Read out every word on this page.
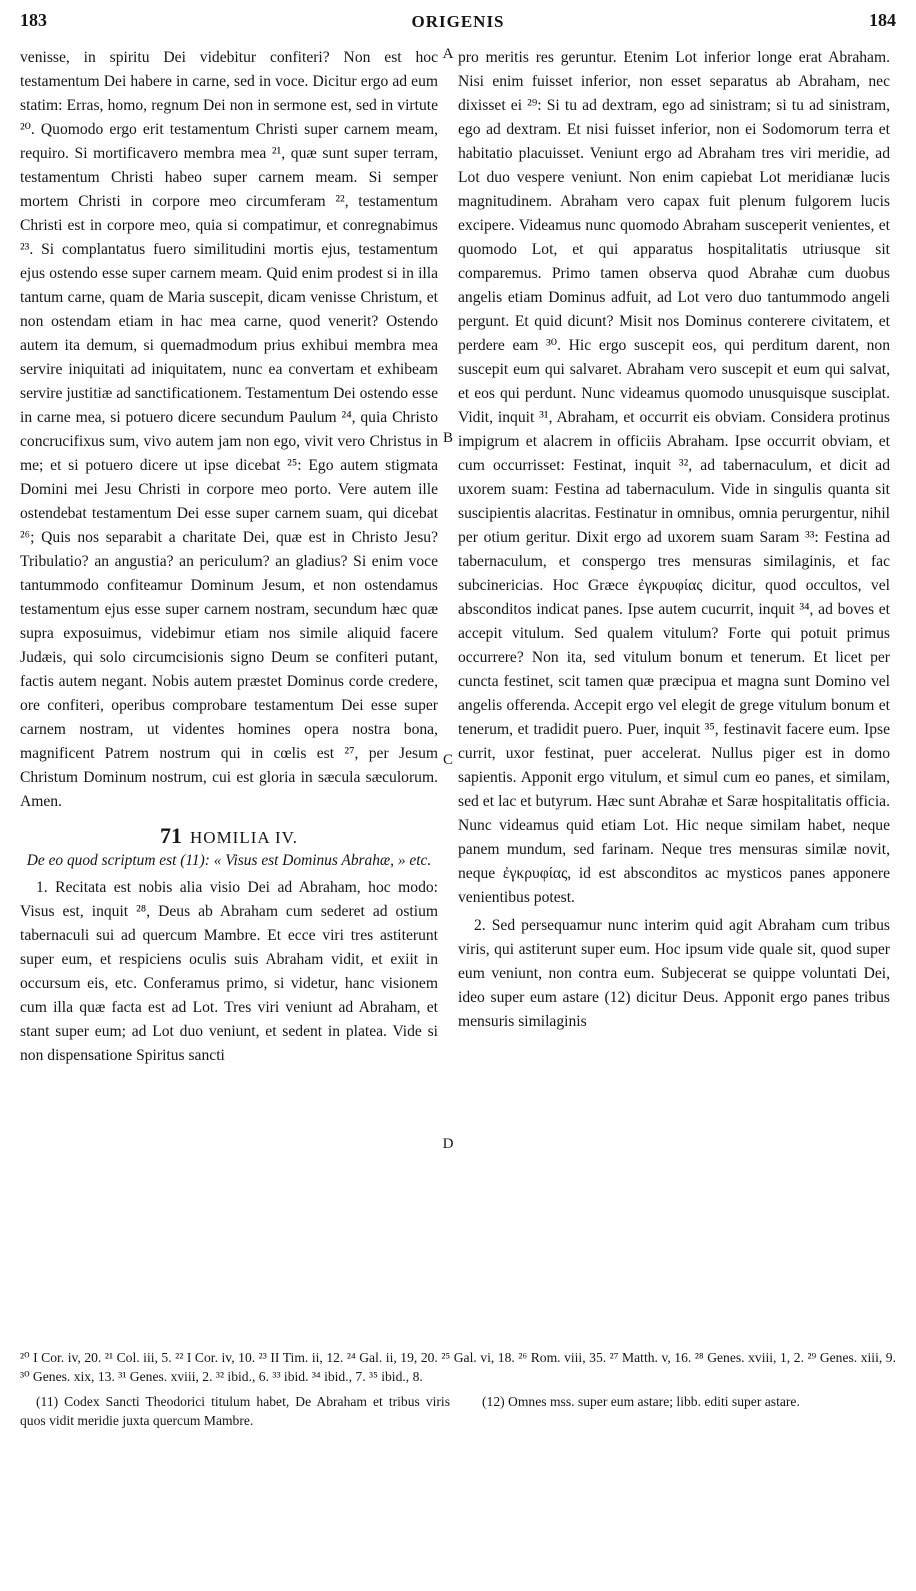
183	ORIGENIS	184

venisse, in spiritu Dei videbitur confiteri? Non est hoc testamentum Dei habere in carne, sed in voce. Dicitur ergo ad eum statim: Erras, homo, regnum Dei non in sermone est, sed in virtute ²⁰. Quomodo ergo erit testamentum Christi super carnem meam, requiro. Si mortificavero membra mea ²¹, quæ sunt super terram, testamentum Christi habeo super carnem meam. Si semper mortem Christi in corpore meo circumferam ²², testamentum Christi est in corpore meo, quia si compatimur, et conregnabimus ²³. Si complantatus fuero similitudini mortis ejus, testamentum ejus ostendo esse super carnem meam. Quid enim prodest si in illa tantum carne, quam de Maria suscepit, dicam venisse Christum, et non ostendam etiam in hac mea carne, quod venerit? Ostendo autem ita demum, si quemadmodum prius exhibui membra mea servire iniquitati ad iniquitatem, nunc ea convertam et exhibeam servire justitiæ ad sanctificationem. Testamentum Dei ostendo esse in carne mea, si potuero dicere secundum Paulum ²⁴, quia Christo concrucifixus sum, vivo autem jam non ego, vivit vero Christus in me; et si potuero dicere ut ipse dicebat ²⁵: Ego autem stigmata Domini mei Jesu Christi in corpore meo porto. Vere autem ille ostendebat testamentum Dei esse super carnem suam, qui dicebat ²⁶; Quis nos separabit a charitate Dei, quæ est in Christo Jesu? Tribulatio? an angustia? an periculum? an gladius? Si enim voce tantummodo confiteamur Dominum Jesum, et non ostendamus testamentum ejus esse super carnem nostram, secundum hæc quæ supra exposuimus, videbimur etiam nos simile aliquid facere Judæis, qui solo circumcisionis signo Deum se confiteri putant, factis autem negant. Nobis autem præstet Dominus corde credere, ore confiteri, operibus comprobare testamentum Dei esse super carnem nostram, ut videntes homines opera nostra bona, magnificent Patrem nostrum qui in cœlis est ²⁷, per Jesum Christum Dominum nostrum, cui est gloria in sæcula sæculorum. Amen.

71 HOMILIA IV.
De eo quod scriptum est (11): « Visus est Dominus Abrahæ, » etc.

1. Recitata est nobis alia visio Dei ad Abraham, hoc modo: Visus est, inquit ²⁸, Deus ab Abraham cum sederet ad ostium tabernaculi sui ad quercum Mambre. Et ecce viri tres astiterunt super eum, et respiciens oculis suis Abraham vidit, et exiit in occursum eis, etc. Conferamus primo, si videtur, hanc visionem cum illa quæ facta est ad Lot. Tres viri veniunt ad Abraham, et stant super eum; ad Lot duo veniunt, et sedent in platea. Vide si non dispensatione Spiritus sancti

A
B
C
D

pro meritis res geruntur. Etenim Lot inferior longe erat Abraham. Nisi enim fuisset inferior, non esset separatus ab Abraham, nec dixisset ei ²⁹: Si tu ad dextram, ego ad sinistram; si tu ad sinistram, ego ad dextram. Et nisi fuisset inferior, non ei Sodomorum terra et habitatio placuisset. Veniunt ergo ad Abraham tres viri meridie, ad Lot duo vespere veniunt. Non enim capiebat Lot meridianæ lucis magnitudinem. Abraham vero capax fuit plenum fulgorem lucis excipere. Videamus nunc quomodo Abraham susceperit venientes, et quomodo Lot, et qui apparatus hospitalitatis utriusque sit comparemus. Primo tamen observa quod Abrahæ cum duobus angelis etiam Dominus adfuit, ad Lot vero duo tantummodo angeli pergunt. Et quid dicunt? Misit nos Dominus conterere civitatem, et perdere eam ³⁰. Hic ergo suscepit eos, qui perditum darent, non suscepit eum qui salvaret. Abraham vero suscepit et eum qui salvat, et eos qui perdunt. Nunc videamus quomodo unusquisque susciplat. Vidit, inquit ³¹, Abraham, et occurrit eis obviam. Considera protinus impigrum et alacrem in officiis Abraham. Ipse occurrit obviam, et cum occurrisset: Festinat, inquit ³², ad tabernaculum, et dicit ad uxorem suam: Festina ad tabernaculum. Vide in singulis quanta sit suscipientis alacritas. Festinatur in omnibus, omnia perurgentur, nihil per otium geritur. Dixit ergo ad uxorem suam Saram ³³: Festina ad tabernaculum, et conspergo tres mensuras similaginis, et fac subcinericias. Hoc Græce ἐγκρυφίας dicitur, quod occultos, vel absconditos indicat panes. Ipse autem cucurrit, inquit ³⁴, ad boves et accepit vitulum. Sed qualem vitulum? Forte qui potuit primus occurrere? Non ita, sed vitulum bonum et tenerum. Et licet per cuncta festinet, scit tamen quæ præcipua et magna sunt Domino vel angelis offerenda. Accepit ergo vel elegit de grege vitulum bonum et tenerum, et tradidit puero. Puer, inquit ³⁵, festinavit facere eum. Ipse currit, uxor festinat, puer accelerat. Nullus piger est in domo sapientis. Apponit ergo vitulum, et simul cum eo panes, et similam, sed et lac et butyrum. Hæc sunt Abrahæ et Saræ hospitalitatis officia. Nunc videamus quid etiam Lot. Hic neque similam habet, neque panem mundum, sed farinam. Neque tres mensuras similæ novit, neque ἐγκρυφίας, id est absconditos ac mysticos panes apponere venientibus potest.

2. Sed persequamur nunc interim quid agit Abraham cum tribus viris, qui astiterunt super eum. Hoc ipsum vide quale sit, quod super eum veniunt, non contra eum. Subjecerat se quippe voluntati Dei, ideo super eum astare (12) dicitur Deus. Apponit ergo panes tribus mensuris similaginis

²⁰ I Cor. iv, 20. ²¹ Col. iii, 5. ²² I Cor. iv, 10. ²³ II Tim. ii, 12. ²⁴ Gal. ii, 19, 20. ²⁵ Gal. vi, 18. ²⁶ Rom. viii, 35. ²⁷ Matth. v, 16. ²⁸ Genes. xviii, 1, 2. ²⁹ Genes. xiii, 9. ³⁰ Genes. xix, 13. ³¹ Genes. xviii, 2. ³² ibid., 6. ³³ ibid. ³⁴ ibid., 7. ³⁵ ibid., 8.

(11) Codex Sancti Theodorici titulum habet, De Abraham et tribus viris quos vidit meridie juxta quercum Mambre.

(12) Omnes mss. super eum astare; libb. editi super astare.
